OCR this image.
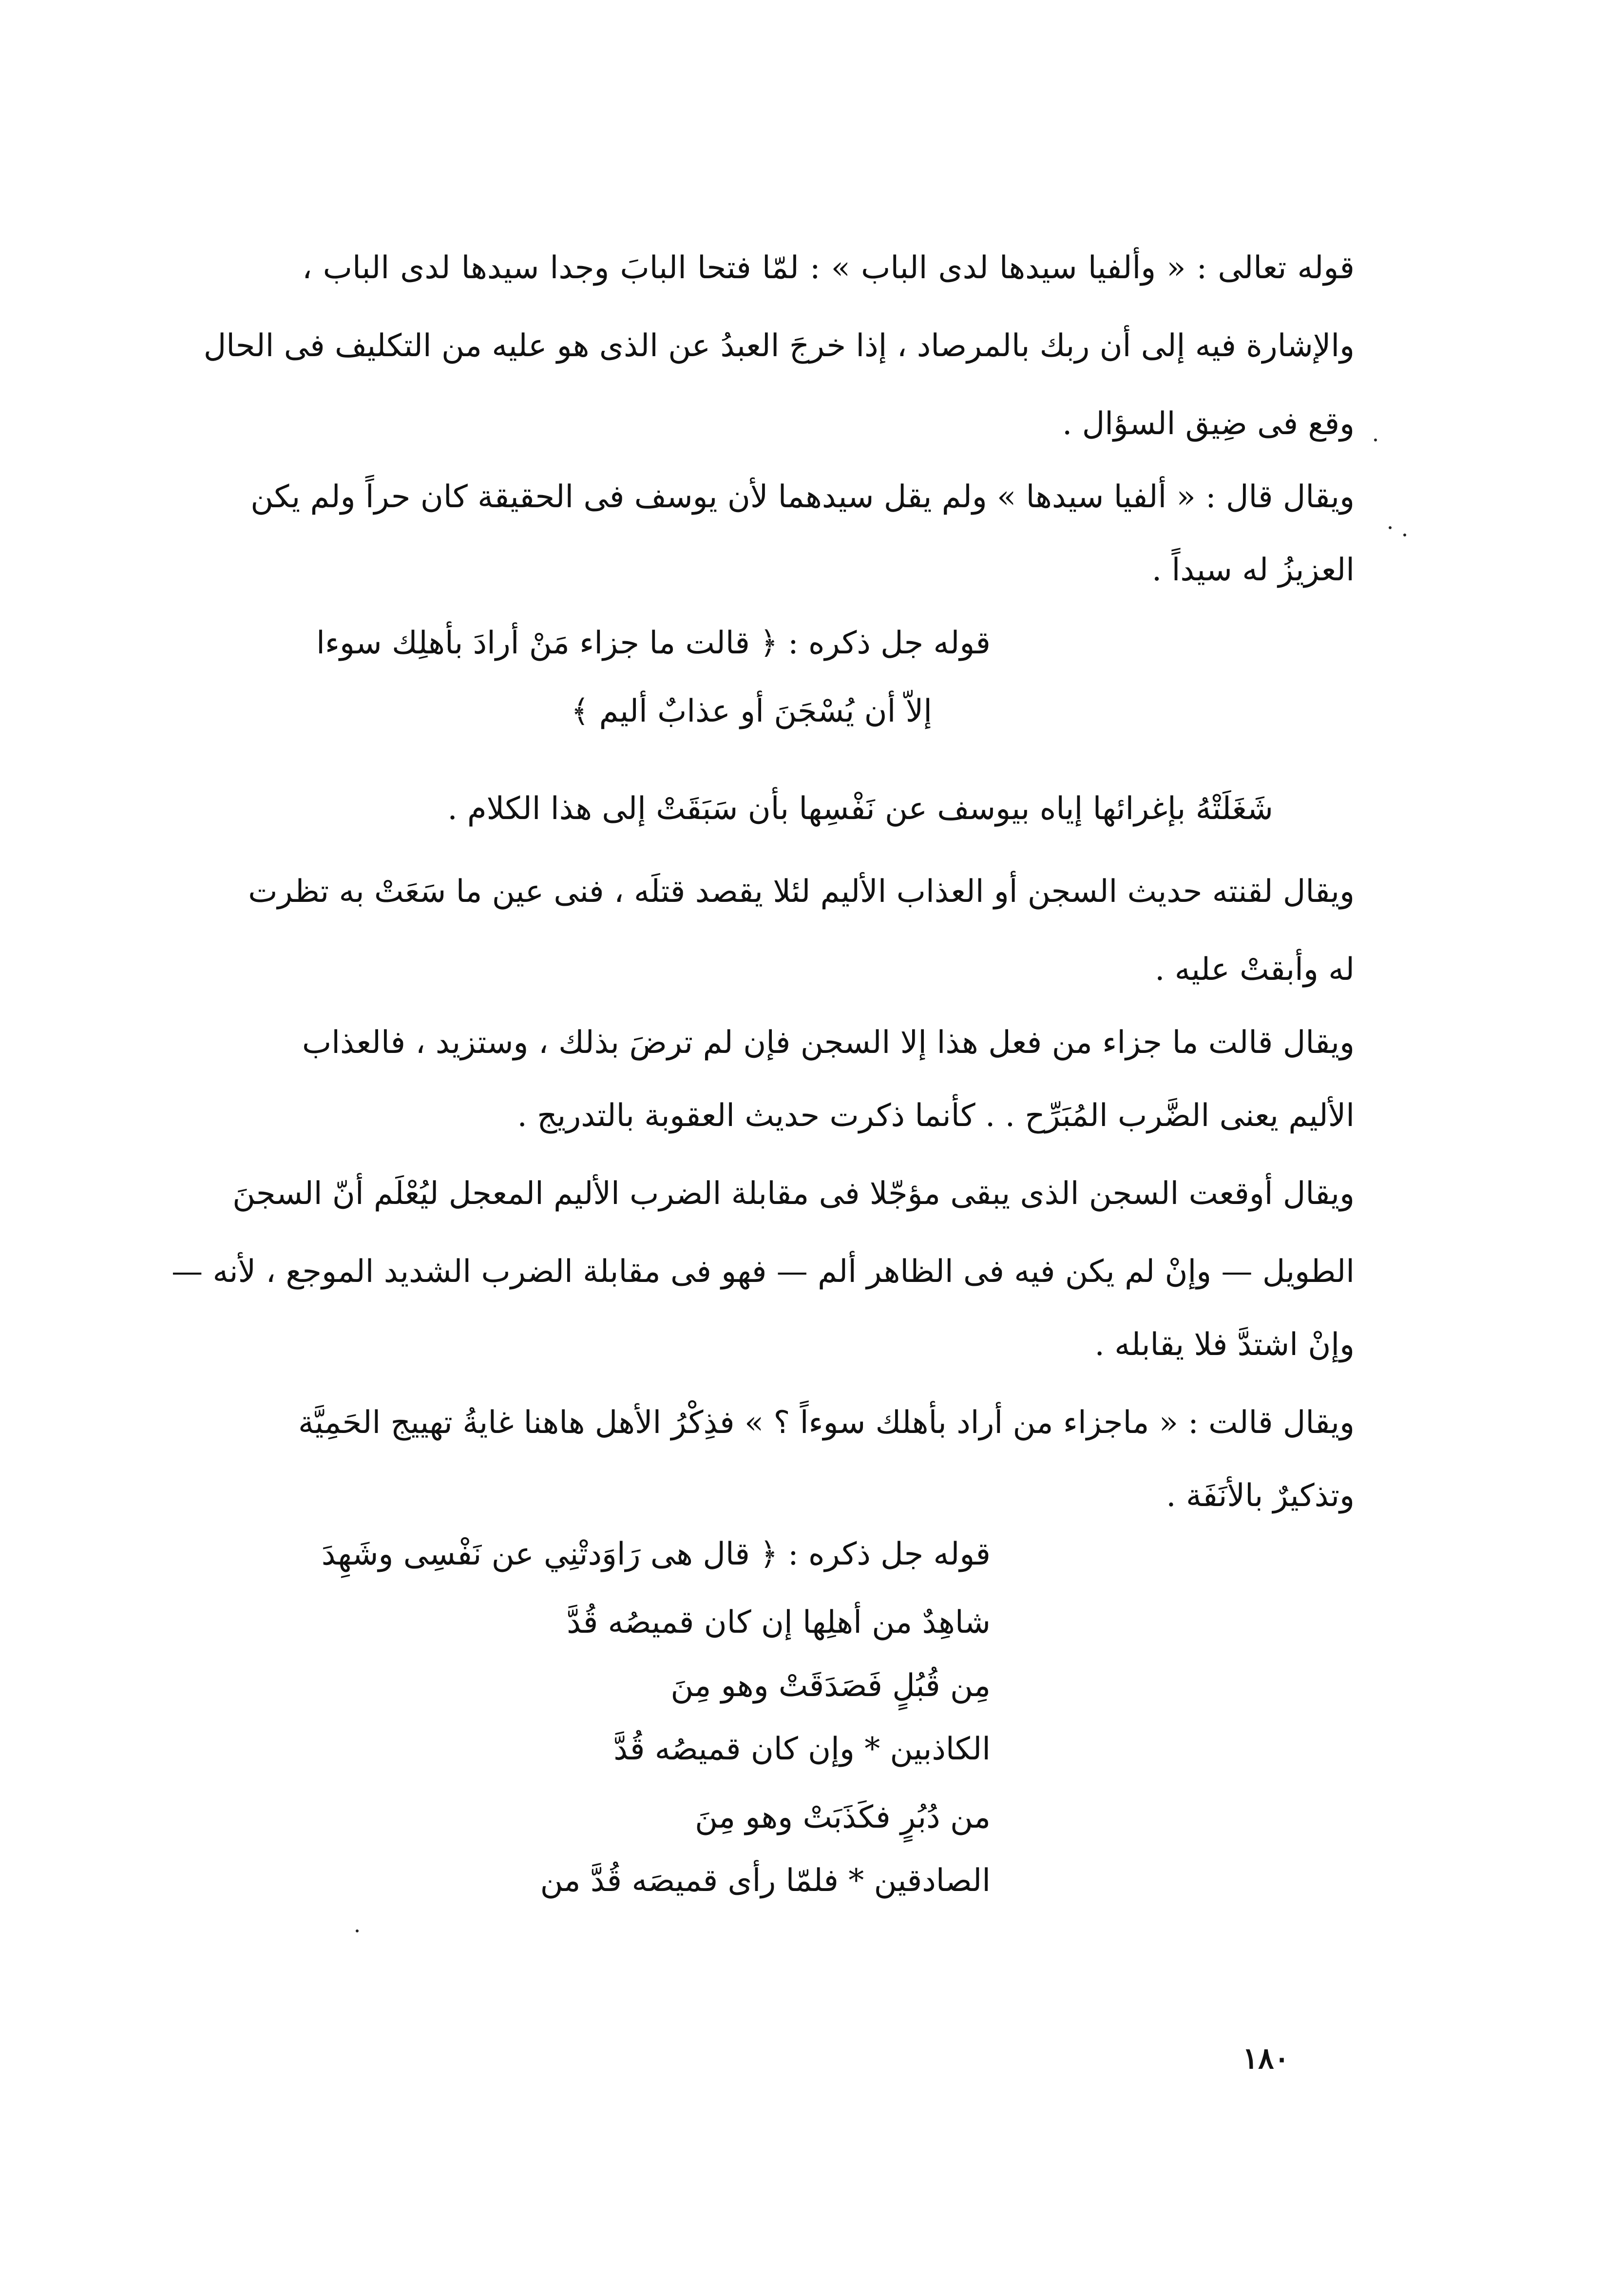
قوله تعالى : « وألفيا سيدها لدى الباب » : لمّا فتحا البابَ وجدا سيدها لدى الباب ،
والإشارة فيه إلى أن ربك بالمرصاد ، إذا خرجَ العبدُ عن الذى هو عليه من التكليف فى الحال
وقع فى ضِيق السؤال .
ويقال قال : « ألفيا سيدها » ولم يقل سيدهما لأن يوسف فى الحقيقة كان حراً ولم يكن
العزيزُ له سيداً .
قوله جل ذكره : ﴿ قالت ما جزاء مَنْ أرادَ بأهلِك سوءا
إلاّ أن يُسْجَنَ أو عذابٌ أليم ﴾
شَغَلَتْهُ بإغرائها إياه بيوسف عن نَفْسِها بأن سَبَقَتْ إلى هذا الكلام .
ويقال لقنته حديث السجن أو العذاب الأليم لئلا يقصد قتلَه ، فنى عين ما سَعَتْ به تظرت
له وأبقتْ عليه .
ويقال قالت ما جزاء من فعل هذا إلا السجن فإن لم ترضَ بذلك ، وستزيد ، فالعذاب
الأليم يعنى الضَّرب المُبَرِّح . . كأنما ذكرت حديث العقوبة بالتدريج .
ويقال أوقعت السجن الذى يبقى مؤجّلا فى مقابلة الضرب الأليم المعجل ليُعْلَم أنّ السجنَ
الطويل — وإنْ لم يكن فيه فى الظاهر ألم — فهو فى مقابلة الضرب الشديد الموجع ، لأنه —
وإنْ اشتدَّ فلا يقابله .
ويقال قالت : « ماجزاء من أراد بأهلك سوءاً ؟ » فذِكْرُ الأهل هاهنا غايةُ تهييج الحَمِيَّة
وتذكيرٌ بالأنَفَة .
قوله جل ذكره : ﴿ قال هى رَاوَدتْنِي عن نَفْسِى وشَهِدَ
شاهِدٌ من أهلِها إن كان قميصُه قُدَّ
مِن قُبُلٍ فَصَدَقَتْ وهو مِنَ
الكاذبين * وإن كان قميصُه قُدَّ
من دُبُرٍ فكَذَبَتْ وهو مِنَ
الصادقين * فلمّا رأى قميصَه قُدَّ من
١٨٠
